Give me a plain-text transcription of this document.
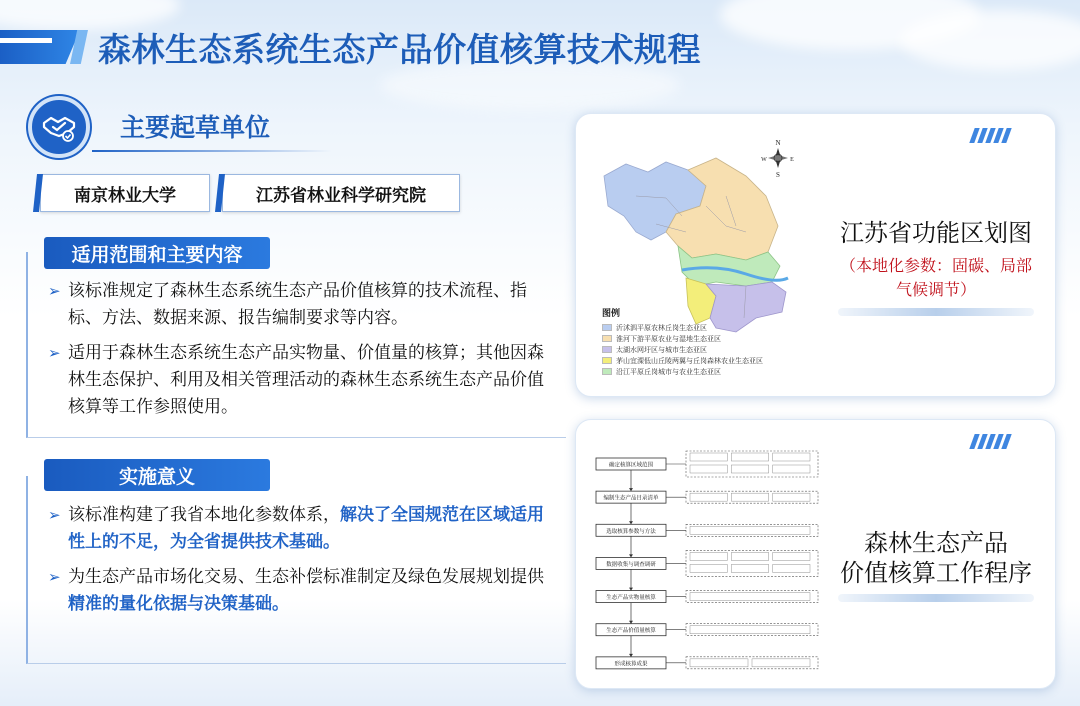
森林生态系统生态产品价值核算技术规程
主要起草单位
南京林业大学	江苏省林业科学研究院
适用范围和主要内容
➢ 该标准规定了森林生态系统生态产品价值核算的技术流程、指标、方法、数据来源、报告编制要求等内容。
➢ 适用于森林生态系统生态产品实物量、价值量的核算；其他因森林生态保护、利用及相关管理活动的森林生态系统生态产品价值核算等工作参照使用。
实施意义
➢ 该标准构建了我省本地化参数体系，解决了全国规范在区域适用性上的不足，为全省提供技术基础。
➢ 为生态产品市场化交易、生态补偿标准制定及绿色发展规划提供精准的量化依据与决策基础。
N
S
E
W
图例
沂沭泗平原农林丘岗生态亚区
淮河下游平原农业与湿地生态亚区
太湖水网圩区与城市生态亚区
茅山宜溧低山丘陵两翼与丘岗森林农业生态亚区
沿江平原丘岗城市与农业生态亚区
江苏省功能区划图
（本地化参数：固碳、局部气候调节）
确定核算区域范围
编制生态产品目录清单
选取核算参数与方法
数据收集与调查调研
生态产品实物量核算
生态产品价值量核算
形成核算成果
森林生态产品
价值核算工作程序
